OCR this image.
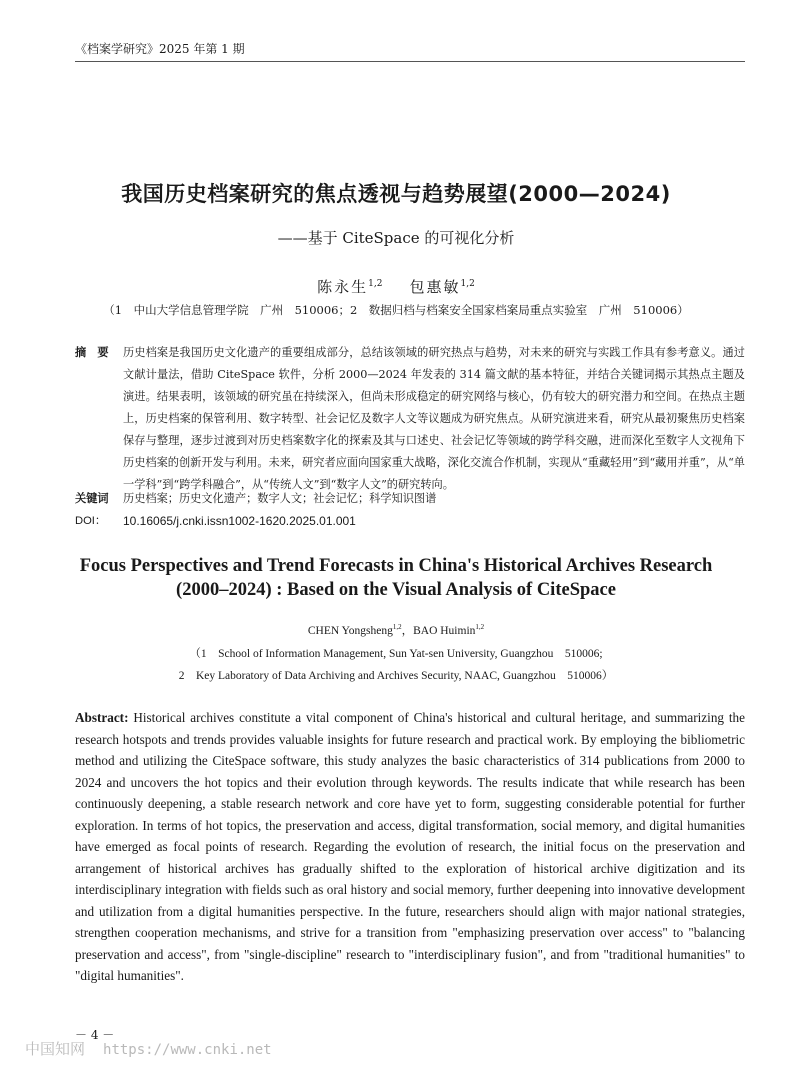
《档案学研究》2025 年第 1 期
我国历史档案研究的焦点透视与趋势展望(2000—2024)
——基于 CiteSpace 的可视化分析
陈永生$^{1,2}$ 包惠敏$^{1,2}$
（1　中山大学信息管理学院　广州　510006；2　数据归档与档案安全国家档案局重点实验室　广州　510006）
摘　要 历史档案是我国历史文化遗产的重要组成部分，总结该领域的研究热点与趋势，对未来的研究与实践工作具有参考意义。通过文献计量法，借助 CiteSpace 软件，分析 2000—2024 年发表的 314 篇文献的基本特征，并结合关键词揭示其热点主题及演进。结果表明，该领域的研究虽在持续深入，但尚未形成稳定的研究网络与核心，仍有较大的研究潜力和空间。在热点主题上，历史档案的保管利用、数字转型、社会记忆及数字人文等议题成为研究焦点。从研究演进来看，研究从最初聚焦历史档案保存与整理，逐步过渡到对历史档案数字化的探索及其与口述史、社会记忆等领域的跨学科交融，进而深化至数字人文视角下历史档案的创新开发与利用。未来，研究者应面向国家重大战略，深化交流合作机制，实现从“重藏轻用”到“藏用并重”，从“单一学科”到“跨学科融合”，从“传统人文”到“数字人文”的研究转向。
关键词 历史档案；历史文化遗产；数字人文；社会记忆；科学知识图谱
DOI： 10.16065/j.cnki.issn1002-1620.2025.01.001
Focus Perspectives and Trend Forecasts in China's Historical Archives Research (2000–2024) : Based on the Visual Analysis of CiteSpace
CHEN Yongsheng$^{1,2}$，BAO Huimin$^{1,2}$
（1　School of Information Management, Sun Yat-sen University, Guangzhou　510006;
2　Key Laboratory of Data Archiving and Archives Security, NAAC, Guangzhou　510006）
Abstract: Historical archives constitute a vital component of China's historical and cultural heritage, and summarizing the research hotspots and trends provides valuable insights for future research and practical work. By employing the bibliometric method and utilizing the CiteSpace software, this study analyzes the basic characteristics of 314 publications from 2000 to 2024 and uncovers the hot topics and their evolution through keywords. The results indicate that while research has been continuously deepening, a stable research network and core have yet to form, suggesting considerable potential for further exploration. In terms of hot topics, the preservation and access, digital transformation, social memory, and digital humanities have emerged as focal points of research. Regarding the evolution of research, the initial focus on the preservation and arrangement of historical archives has gradually shifted to the exploration of historical archive digitization and its interdisciplinary integration with fields such as oral history and social memory, further deepening into innovative development and utilization from a digital humanities perspective. In the future, researchers should align with major national strategies, strengthen cooperation mechanisms, and strive for a transition from "emphasizing preservation over access" to "balancing preservation and access", from "single-discipline" research to "interdisciplinary fusion", and from "traditional humanities" to "digital humanities".
－ 4 －
中国知网 https://www.cnki.net
